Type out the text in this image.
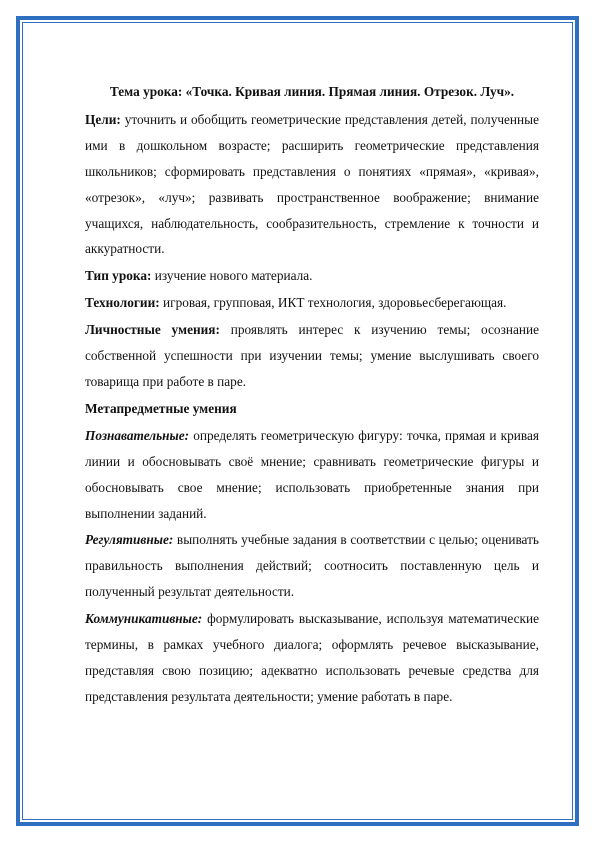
Тема урока: «Точка. Кривая линия. Прямая линия. Отрезок. Луч».

Цели: уточнить и обобщить геометрические представления детей, полученные ими в дошкольном возрасте; расширить геометрические представления школьников; сформировать представления о понятиях «прямая», «кривая», «отрезок», «луч»; развивать пространственное воображение; внимание учащихся, наблюдательность, сообразительность, стремление к точности и аккуратности.

Тип урока: изучение нового материала.

Технологии: игровая, групповая, ИКТ технология, здоровьесберегающая.

Личностные умения: проявлять интерес к изучению темы; осознание собственной успешности при изучении темы; умение выслушивать своего товарища при работе в паре.

Метапредметные умения

Познавательные: определять геометрическую фигуру: точка, прямая и кривая линии и обосновывать своё мнение; сравнивать геометрические фигуры и обосновывать свое мнение; использовать приобретенные знания при выполнении заданий.

Регулятивные: выполнять учебные задания в соответствии с целью; оценивать правильность выполнения действий; соотносить поставленную цель и полученный результат деятельности.

Коммуникативные: формулировать высказывание, используя математические термины, в рамках учебного диалога; оформлять речевое высказывание, представляя свою позицию; адекватно использовать речевые средства для представления результата деятельности; умение работать в паре.
